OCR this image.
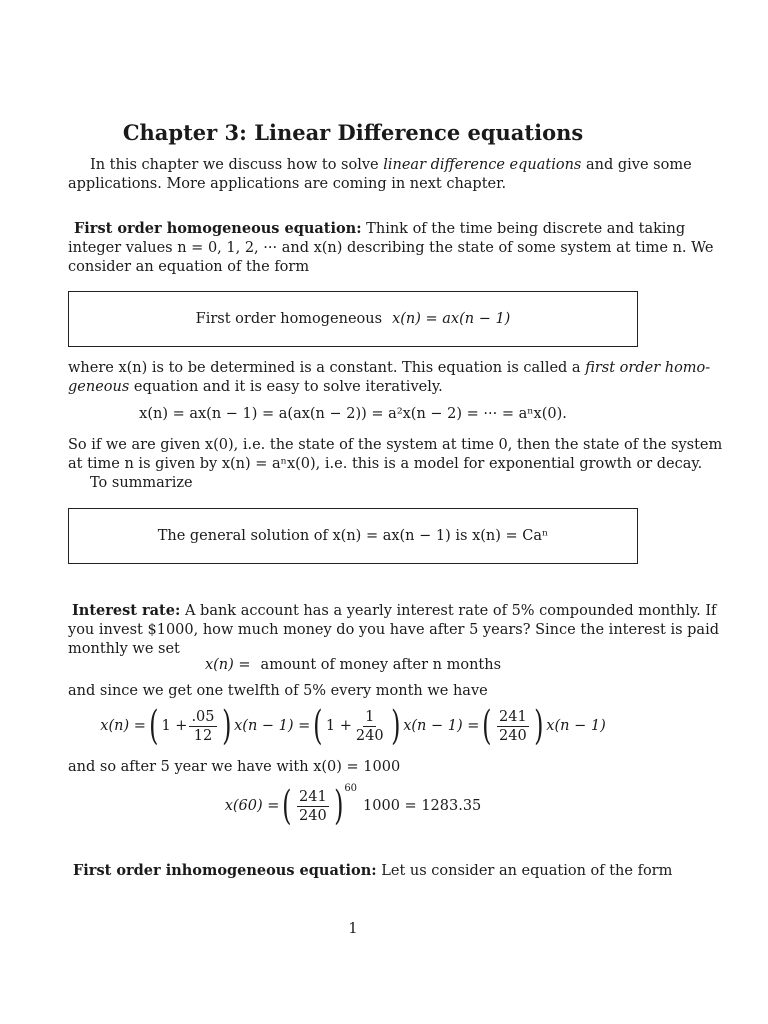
Chapter 3: Linear Difference equations

In this chapter we discuss how to solve linear difference equations and give some
applications. More applications are coming in next chapter.

First order homogeneous equation: Think of the time being discrete and taking
integer values n = 0, 1, 2, ··· and x(n) describing the state of some system at time n. We
consider an equation of the form

First order homogeneous x(n) = ax(n − 1)

where x(n) is to be determined is a constant. This equation is called a first order homo-
geneous equation and it is easy to solve iteratively.

x(n) = ax(n − 1) = a(ax(n − 2)) = a²x(n − 2) = ··· = aⁿx(0).

So if we are given x(0), i.e. the state of the system at time 0, then the state of the system
at time n is given by x(n) = aⁿx(0), i.e. this is a model for exponential growth or decay.
To summarize

The general solution of x(n) = ax(n − 1) is x(n) = Caⁿ

Interest rate: A bank account has a yearly interest rate of 5% compounded monthly. If
you invest $1000, how much money do you have after 5 years? Since the interest is paid
monthly we set

x(n) = amount of money after n months

and since we get one twelfth of 5% every month we have

x(n) = ( $1 + \frac{.05}{12}$ ) x(n − 1) = ( $1 + \frac{1}{240}$ ) x(n − 1) = ( $\frac{241}{240}$ ) x(n − 1)

and so after 5 year we have with x(0) = 1000

x(60) = ( $\frac{241}{240}$ ) 60
1000 = 1283.35

First order inhomogeneous equation: Let us consider an equation of the form

1
